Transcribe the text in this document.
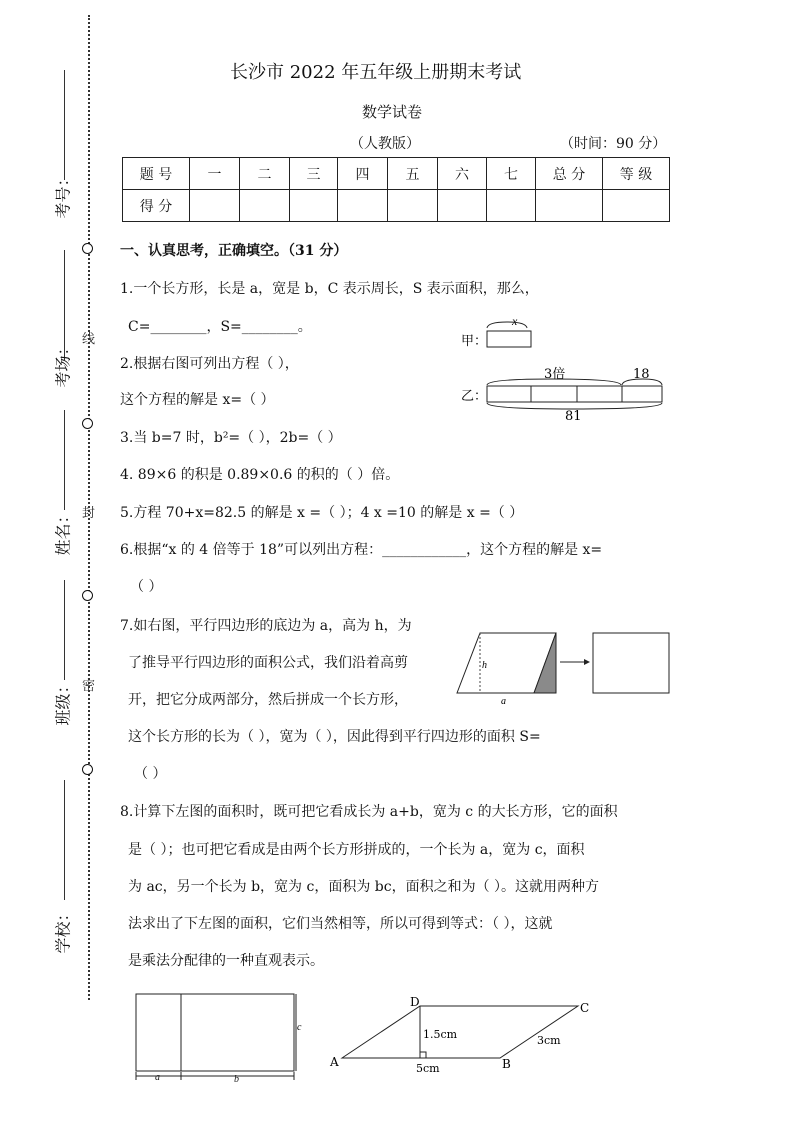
考号：
考场：
姓名：
班级：
学校：
线
封
密
长沙市 2022 年五年级上册期末考试
数学试卷
（人教版）	（时间：90 分）
题 号	一	二	三	四	五	六	七	总 分	等 级
得 分									
一、认真思考，正确填空。（31 分）
1.一个长方形，长是 a，宽是 b，C 表示周长，S 表示面积，那么，
C=________，S=________。
2.根据右图可列出方程（ ），
这个方程的解是 x=（ ）
3.当 b=7 时，b²=（ ），2b=（ ）
4. 89×6 的积是 0.89×0.6 的积的（ ）倍。
5.方程 70+x=82.5 的解是 x =（ ）；4 x =10 的解是 x =（ ）
6.根据“x 的 4 倍等于 18”可以列出方程：____________，这个方程的解是 x=
（ ）
7.如右图，平行四边形的底边为 a，高为 h，为
了推导平行四边形的面积公式，我们沿着高剪
开，把它分成两部分，然后拼成一个长方形，
这个长方形的长为（ ），宽为（ ），因此得到平行四边形的面积 S=
（ ）
8.计算下左图的面积时，既可把它看成长为 a+b，宽为 c 的大长方形，它的面积
是（ ）；也可把它看成是由两个长方形拼成的，一个长为 a，宽为 c，面积
为 ac，另一个长为 b，宽为 c，面积为 bc，面积之和为（ ）。这就用两种方
法求出了下左图的面积，它们当然相等，所以可得到等式：（ ），这就
是乘法分配律的一种直观表示。
x
甲：
3倍	18
乙：
81
h
a
c
a	b
A	B
C
D
1.5cm	3cm
5cm
